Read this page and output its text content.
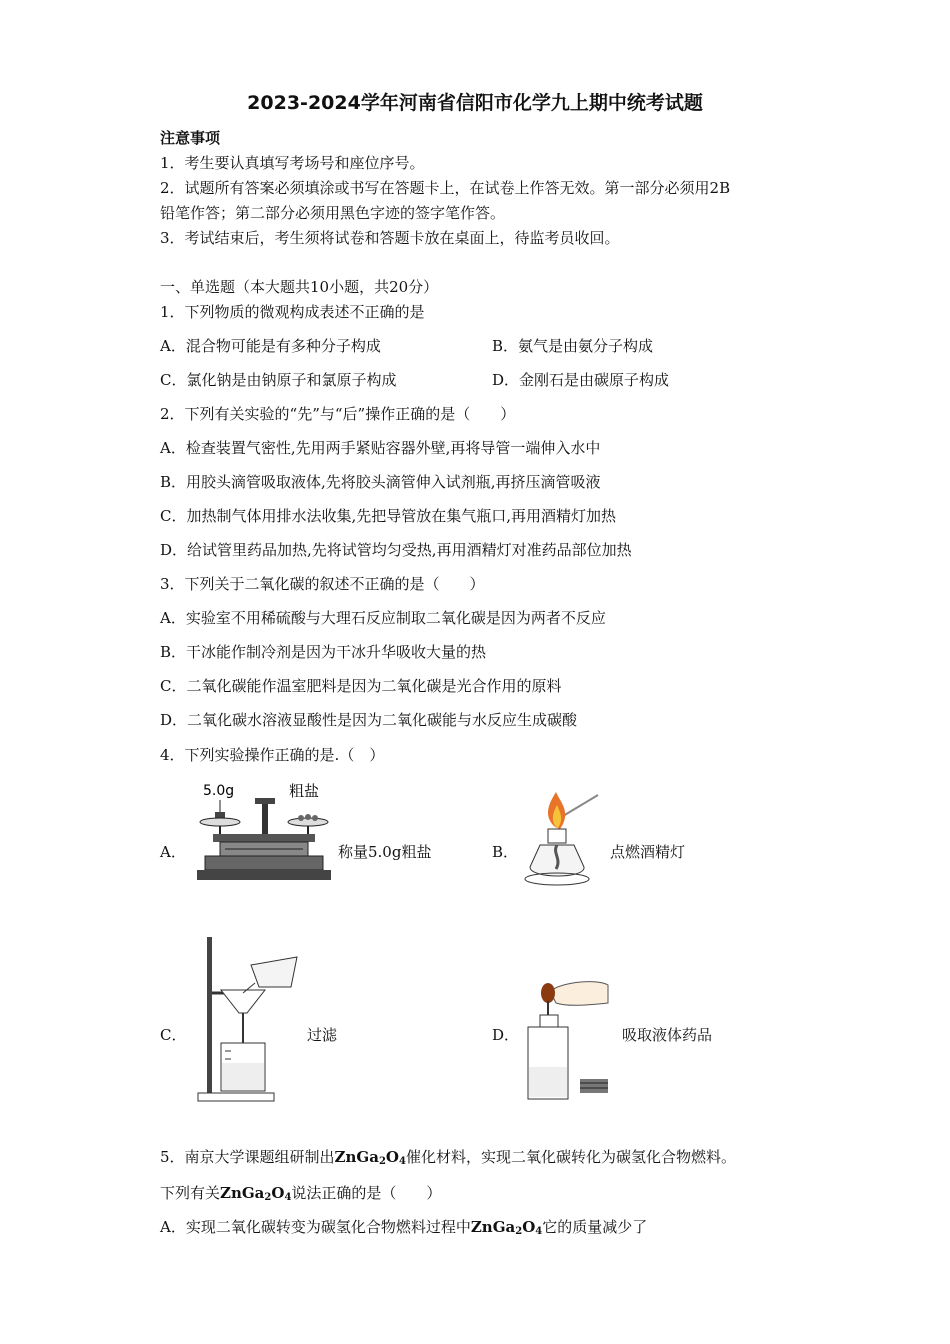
2023-2024学年河南省信阳市化学九上期中统考试题
注意事项
1．考生要认真填写考场号和座位序号。
2．试题所有答案必须填涂或书写在答题卡上，在试卷上作答无效。第一部分必须用2B
铅笔作答；第二部分必须用黑色字迹的签字笔作答。
3．考试结束后，考生须将试卷和答题卡放在桌面上，待监考员收回。
一、单选题（本大题共10小题，共20分）
1．下列物质的微观构成表述不正确的是
A．混合物可能是有多种分子构成	B．氨气是由氨分子构成
C．氯化钠是由钠原子和氯原子构成	D．金刚石是由碳原子构成
2．下列有关实验的“先”与“后”操作正确的是（　　）
A．检查装置气密性,先用两手紧贴容器外壁,再将导管一端伸入水中
B．用胶头滴管吸取液体,先将胶头滴管伸入试剂瓶,再挤压滴管吸液
C．加热制气体用排水法收集,先把导管放在集气瓶口,再用酒精灯加热
D．给试管里药品加热,先将试管均匀受热,再用酒精灯对准药品部位加热
3．下列关于二氧化碳的叙述不正确的是（　　）
A．实验室不用稀硫酸与大理石反应制取二氧化碳是因为两者不反应
B．干冰能作制冷剂是因为干冰升华吸收大量的热
C．二氧化碳能作温室肥料是因为二氧化碳是光合作用的原料
D．二氧化碳水溶液显酸性是因为二氧化碳能与水反应生成碳酸
4．下列实验操作正确的是.（　）
A．
5.0g	粗盐
称量5.0g粗盐	B．	点燃酒精灯
C．	过滤	D．	吸取液体药品
5．南京大学课题组研制出$ZnGa_2O_4$催化材料，实现二氧化碳转化为碳氢化合物燃料。
下列有关$ZnGa_2O_4$说法正确的是（　　）
A．实现二氧化碳转变为碳氢化合物燃料过程中$ZnGa_2O_4$它的质量减少了
